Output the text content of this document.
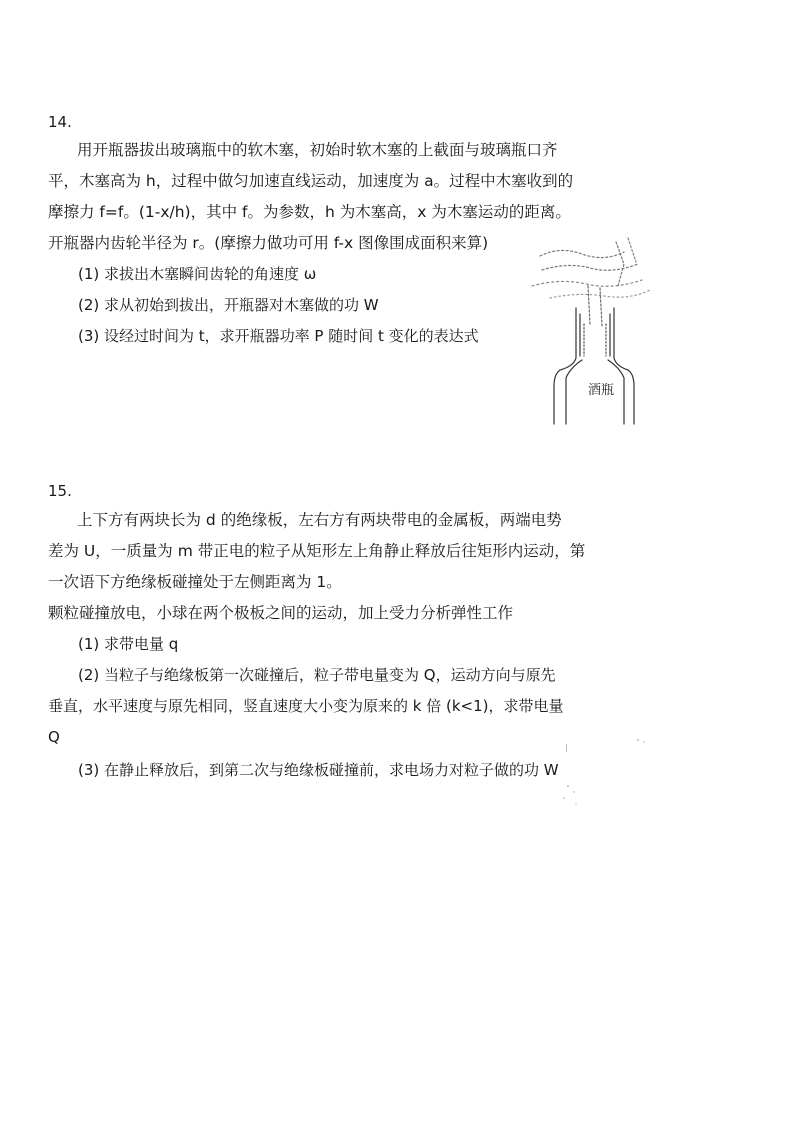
14.
用开瓶器拔出玻璃瓶中的软木塞，初始时软木塞的上截面与玻璃瓶口齐
平，木塞高为 h，过程中做匀加速直线运动，加速度为 a。过程中木塞收到的
摩擦力 f=f。(1-x/h)，其中 f。为参数，h 为木塞高，x 为木塞运动的距离。
开瓶器内齿轮半径为 r。(摩擦力做功可用 f-x 图像围成面积来算)
(1) 求拔出木塞瞬间齿轮的角速度 ω
(2) 求从初始到拔出，开瓶器对木塞做的功 W
(3) 设经过时间为 t，求开瓶器功率 P 随时间 t 变化的表达式
酒瓶
15.
上下方有两块长为 d 的绝缘板，左右方有两块带电的金属板，两端电势
差为 U，一质量为 m 带正电的粒子从矩形左上角静止释放后往矩形内运动，第
一次语下方绝缘板碰撞处于左侧距离为 1。
颗粒碰撞放电，小球在两个极板之间的运动，加上受力分析弹性工作
(1) 求带电量 q
(2) 当粒子与绝缘板第一次碰撞后，粒子带电量变为 Q，运动方向与原先
垂直，水平速度与原先相同，竖直速度大小变为原来的 k 倍 (k<1)，求带电量
Q
(3) 在静止释放后，到第二次与绝缘板碰撞前，求电场力对粒子做的功 W
